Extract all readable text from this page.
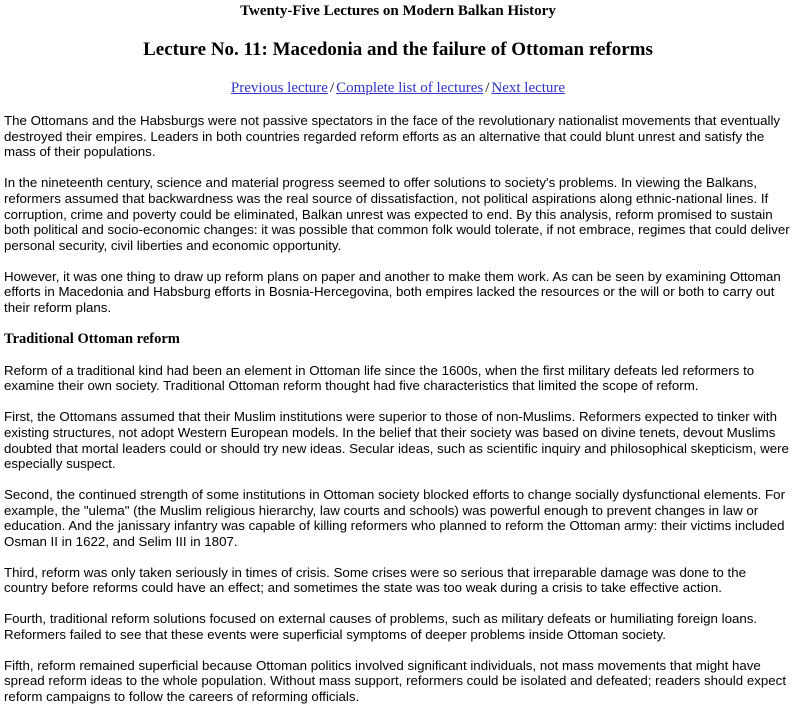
Twenty-Five Lectures on Modern Balkan History
Lecture No. 11: Macedonia and the failure of Ottoman reforms
Previous lecture / Complete list of lectures / Next lecture

The Ottomans and the Habsburgs were not passive spectators in the face of the revolutionary nationalist movements that eventually destroyed their empires. Leaders in both countries regarded reform efforts as an alternative that could blunt unrest and satisfy the mass of their populations.

In the nineteenth century, science and material progress seemed to offer solutions to society's problems. In viewing the Balkans, reformers assumed that backwardness was the real source of dissatisfaction, not political aspirations along ethnic-national lines. If corruption, crime and poverty could be eliminated, Balkan unrest was expected to end. By this analysis, reform promised to sustain both political and socio-economic changes: it was possible that common folk would tolerate, if not embrace, regimes that could deliver personal security, civil liberties and economic opportunity.

However, it was one thing to draw up reform plans on paper and another to make them work. As can be seen by examining Ottoman efforts in Macedonia and Habsburg efforts in Bosnia-Hercegovina, both empires lacked the resources or the will or both to carry out their reform plans.

Traditional Ottoman reform

Reform of a traditional kind had been an element in Ottoman life since the 1600s, when the first military defeats led reformers to examine their own society. Traditional Ottoman reform thought had five characteristics that limited the scope of reform.

First, the Ottomans assumed that their Muslim institutions were superior to those of non-Muslims. Reformers expected to tinker with existing structures, not adopt Western European models. In the belief that their society was based on divine tenets, devout Muslims doubted that mortal leaders could or should try new ideas. Secular ideas, such as scientific inquiry and philosophical skepticism, were especially suspect.

Second, the continued strength of some institutions in Ottoman society blocked efforts to change socially dysfunctional elements. For example, the "ulema" (the Muslim religious hierarchy, law courts and schools) was powerful enough to prevent changes in law or education. And the janissary infantry was capable of killing reformers who planned to reform the Ottoman army: their victims included Osman II in 1622, and Selim III in 1807.

Third, reform was only taken seriously in times of crisis. Some crises were so serious that irreparable damage was done to the country before reforms could have an effect; and sometimes the state was too weak during a crisis to take effective action.

Fourth, traditional reform solutions focused on external causes of problems, such as military defeats or humiliating foreign loans. Reformers failed to see that these events were superficial symptoms of deeper problems inside Ottoman society.

Fifth, reform remained superficial because Ottoman politics involved significant individuals, not mass movements that might have spread reform ideas to the whole population. Without mass support, reformers could be isolated and defeated; readers should expect reform campaigns to follow the careers of reforming officials.
